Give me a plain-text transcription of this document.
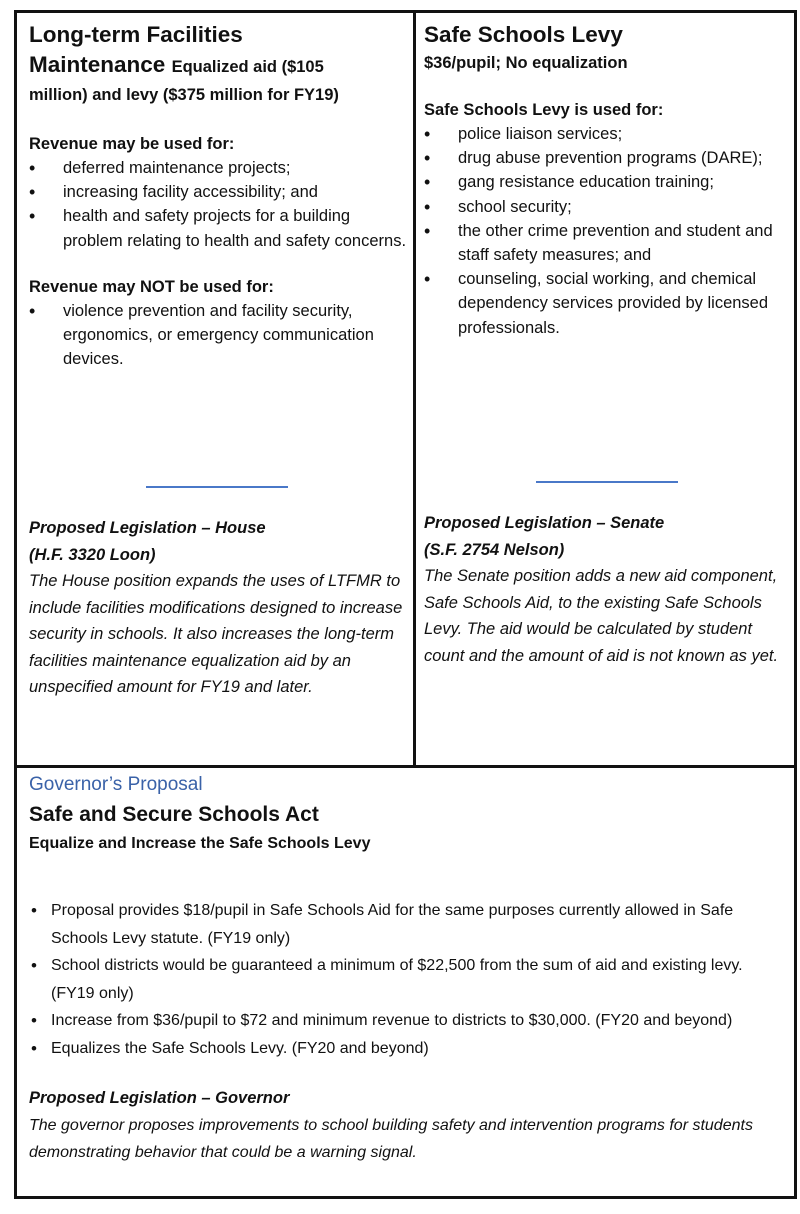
Long-term Facilities

Maintenance Equalized aid ($105

million) and levy ($375 million for FY19)

Revenue may be used for:

• deferred maintenance projects;
• increasing facility accessibility; and
• health and safety projects for a building problem relating to health and safety concerns.

Revenue may NOT be used for:

• violence prevention and facility security, ergonomics, or emergency communication devices.

Proposed Legislation – House

(H.F. 3320 Loon)

The House position expands the uses of LTFMR to include facilities modifications designed to increase security in schools. It also increases the long-term facilities maintenance equalization aid by an unspecified amount for FY19 and later.

Safe Schools Levy

$36/pupil; No equalization

Safe Schools Levy is used for:

• police liaison services;
• drug abuse prevention programs (DARE);
• gang resistance education training;
• school security;
• the other crime prevention and student and staff safety measures; and
• counseling, social working, and chemical dependency services provided by licensed professionals.

Proposed Legislation – Senate

(S.F. 2754 Nelson)

The Senate position adds a new aid component, Safe Schools Aid, to the existing Safe Schools Levy. The aid would be calculated by student count and the amount of aid is not known as yet.

Governor’s Proposal

Safe and Secure Schools Act

Equalize and Increase the Safe Schools Levy

• Proposal provides $18/pupil in Safe Schools Aid for the same purposes currently allowed in Safe Schools Levy statute. (FY19 only)
• School districts would be guaranteed a minimum of $22,500 from the sum of aid and existing levy. (FY19 only)
• Increase from $36/pupil to $72 and minimum revenue to districts to $30,000. (FY20 and beyond)
• Equalizes the Safe Schools Levy. (FY20 and beyond)

Proposed Legislation – Governor

The governor proposes improvements to school building safety and intervention programs for students demonstrating behavior that could be a warning signal.
